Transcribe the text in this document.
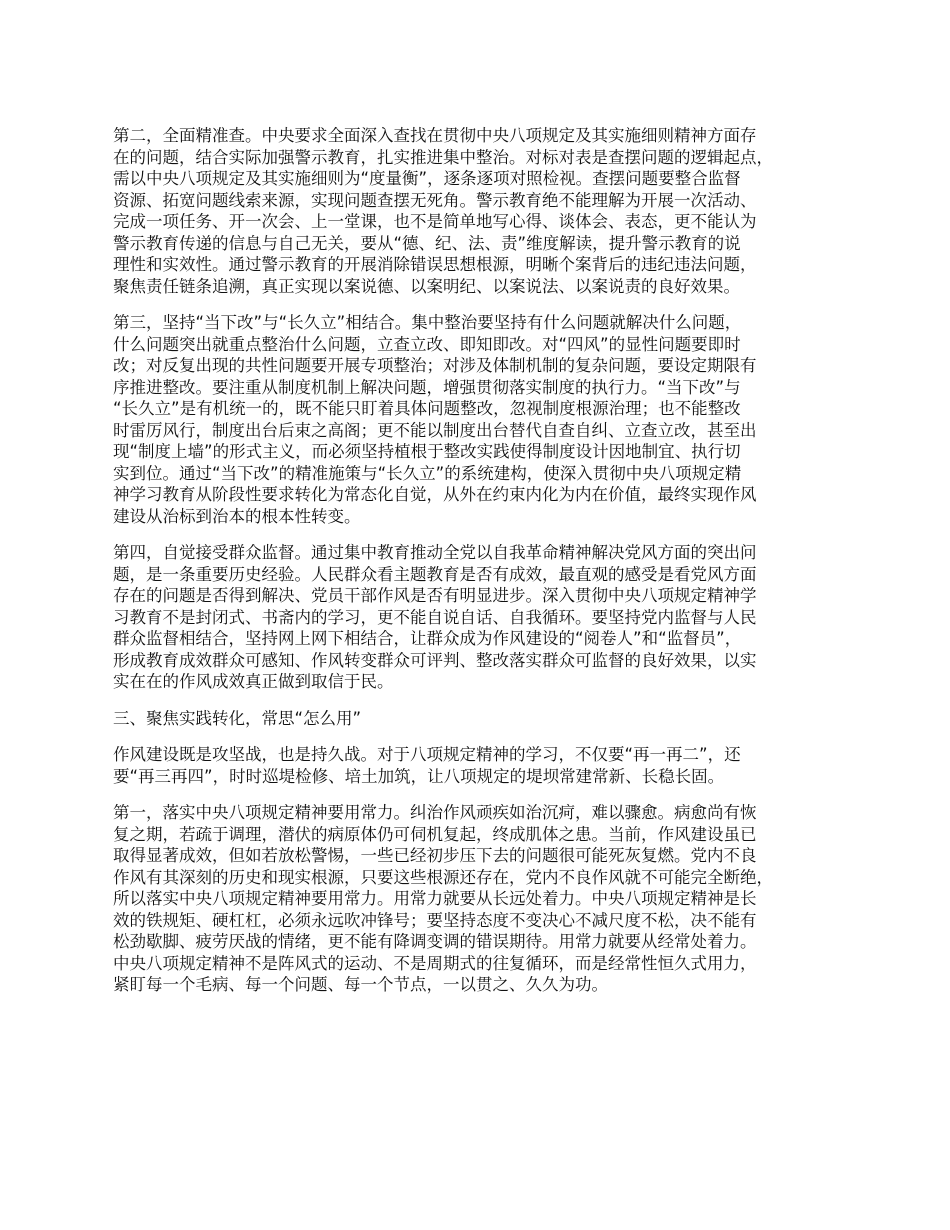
第二，全面精准查。中央要求全面深入查找在贯彻中央八项规定及其实施细则精神方面存
在的问题，结合实际加强警示教育，扎实推进集中整治。对标对表是查摆问题的逻辑起点，
需以中央八项规定及其实施细则为“度量衡”，逐条逐项对照检视。查摆问题要整合监督
资源、拓宽问题线索来源，实现问题查摆无死角。警示教育绝不能理解为开展一次活动、
完成一项任务、开一次会、上一堂课，也不是简单地写心得、谈体会、表态，更不能认为
警示教育传递的信息与自己无关，要从“德、纪、法、责”维度解读，提升警示教育的说
理性和实效性。通过警示教育的开展消除错误思想根源，明晰个案背后的违纪违法问题，
聚焦责任链条追溯，真正实现以案说德、以案明纪、以案说法、以案说责的良好效果。
第三，坚持“当下改”与“长久立”相结合。集中整治要坚持有什么问题就解决什么问题，
什么问题突出就重点整治什么问题，立查立改、即知即改。对“四风”的显性问题要即时
改；对反复出现的共性问题要开展专项整治；对涉及体制机制的复杂问题，要设定期限有
序推进整改。要注重从制度机制上解决问题，增强贯彻落实制度的执行力。“当下改”与
“长久立”是有机统一的，既不能只盯着具体问题整改，忽视制度根源治理；也不能整改
时雷厉风行，制度出台后束之高阁；更不能以制度出台替代自查自纠、立查立改，甚至出
现“制度上墙”的形式主义，而必须坚持植根于整改实践使得制度设计因地制宜、执行切
实到位。通过“当下改”的精准施策与“长久立”的系统建构，使深入贯彻中央八项规定精
神学习教育从阶段性要求转化为常态化自觉，从外在约束内化为内在价值，最终实现作风
建设从治标到治本的根本性转变。
第四，自觉接受群众监督。通过集中教育推动全党以自我革命精神解决党风方面的突出问
题，是一条重要历史经验。人民群众看主题教育是否有成效，最直观的感受是看党风方面
存在的问题是否得到解决、党员干部作风是否有明显进步。深入贯彻中央八项规定精神学
习教育不是封闭式、书斋内的学习，更不能自说自话、自我循环。要坚持党内监督与人民
群众监督相结合，坚持网上网下相结合，让群众成为作风建设的“阅卷人”和“监督员”，
形成教育成效群众可感知、作风转变群众可评判、整改落实群众可监督的良好效果，以实
实在在的作风成效真正做到取信于民。
三、聚焦实践转化，常思“怎么用”
作风建设既是攻坚战，也是持久战。对于八项规定精神的学习，不仅要“再一再二”，还
要“再三再四”，时时巡堤检修、培土加筑，让八项规定的堤坝常建常新、长稳长固。
第一，落实中央八项规定精神要用常力。纠治作风顽疾如治沉疴，难以骤愈。病愈尚有恢
复之期，若疏于调理，潜伏的病原体仍可伺机复起，终成肌体之患。当前，作风建设虽已
取得显著成效，但如若放松警惕，一些已经初步压下去的问题很可能死灰复燃。党内不良
作风有其深刻的历史和现实根源，只要这些根源还存在，党内不良作风就不可能完全断绝，
所以落实中央八项规定精神要用常力。用常力就要从长远处着力。中央八项规定精神是长
效的铁规矩、硬杠杠，必须永远吹冲锋号；要坚持态度不变决心不减尺度不松，决不能有
松劲歇脚、疲劳厌战的情绪，更不能有降调变调的错误期待。用常力就要从经常处着力。
中央八项规定精神不是阵风式的运动、不是周期式的往复循环，而是经常性恒久式用力，
紧盯每一个毛病、每一个问题、每一个节点，一以贯之、久久为功。
